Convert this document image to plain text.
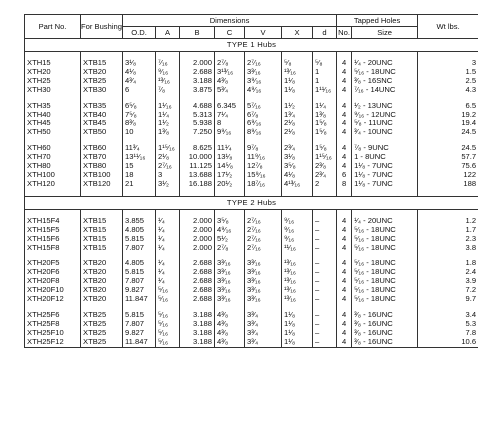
Part No.	For Bushing	Dimensions							Tapped Holes		Wt lbs.
		O.D.	A	B	C	V	X	d	No.	Size	
TYPE 1 Hubs											

XTH15	XTB15	3¹⁄₈	⁷⁄₁₆	2.000	2⁷⁄₈	2⁷⁄₁₆	⁵⁄₈	⁵⁄₈	4	¹⁄₄ - 20UNC	3
XTH20	XTB20	4¹⁄₈	⁹⁄₁₆	2.688	3¹³⁄₁₆	3³⁄₁₆	¹³⁄₁₆	1	4	⁵⁄₁₆ - 18UNC	1.5
XTH25	XTB25	4³⁄₄	¹³⁄₁₆	3.188	4³⁄₈	3⁹⁄₁₆	1¹⁄₈	1	4	³⁄₈ - 16SNC	2.5
XTH30	XTB30	6	⁷⁄₈	3.875	5³⁄₄	4⁹⁄₁₆	1¹⁄₈	1¹¹⁄₁₆	4	⁷⁄₁₆ - 14UNC	4.3

XTH35	XTB35	6⁵⁄₈	1¹⁄₁₆	4.688	6.345	5⁷⁄₁₆	1¹⁄₂	1¹⁄₄	4	¹⁄₂ - 13UNC	6.5
XTH40	XTB40	7⁵⁄₈	1¹⁄₄	5.313	7¹⁄₄	6⁷⁄₈	1³⁄₄	1³⁄₈	4	⁹⁄₁₆ - 12UNC	19.2
XTH45	XTB45	8³⁄₈	1¹⁄₂	5.938	8	6⁹⁄₁₆	2¹⁄₈	1⁵⁄₈	4	⁵⁄₈ - 11UNC	19.4
XTH50	XTB50	10	1³⁄₈	7.250	9⁹⁄₁₆	8⁹⁄₁₆	2¹⁄₈	1⁵⁄₈	4	³⁄₄ - 10UNC	24.5

XTH60	XTB60	11³⁄₄	1¹⁵⁄₁₆	8.625	11¹⁄₄	9⁷⁄₈	2³⁄₄	1⁵⁄₈	4	⁷⁄₈ - 9UNC	24.5
XTH70	XTB70	13¹¹⁄₁₆	2¹⁄₈	10.000	13¹⁄₈	11⁹⁄₁₆	3¹⁄₈	1¹⁵⁄₁₆	4	1 - 8UNC	57.7
XTH80	XTB80	15	2⁷⁄₁₆	11.125	14⁵⁄₈	12⁷⁄₈	3⁵⁄₈	2³⁄₈	4	1¹⁄₈ - 7UNC	75.6
XTH100	XTB100	18	3	13.688	17¹⁄₂	15⁹⁄₁₆	4¹⁄₈	2³⁄₄	6	1¹⁄₈ - 7UNC	122
XTH120	XTB120	21	3¹⁄₂	16.188	20¹⁄₂	18⁷⁄₁₆	4¹³⁄₁₆	2	8	1¹⁄₈ - 7UNC	188

TYPE 2 Hubs											

XTH15F4	XTB15	3.855	¹⁄₄	2.000	3⁵⁄₈	2⁷⁄₁₆	⁹⁄₁₆	–	4	¹⁄₄ - 20UNC	1.2
XTH15F5	XTB15	4.805	¹⁄₄	2.000	4⁹⁄₁₆	2⁷⁄₁₆	⁹⁄₁₆	–	4	⁵⁄₁₆ - 18UNC	1.7
XTH15F6	XTB15	5.815	¹⁄₄	2.000	5¹⁄₂	2⁷⁄₁₆	⁹⁄₁₆	–	4	⁵⁄₁₆ - 18UNC	2.3
XTH15F8	XTB15	7.807	¹⁄₄	2.000	2⁷⁄₈	2⁷⁄₁₆	¹¹⁄₁₆	–	4	⁵⁄₁₆ - 18UNC	3.8

XTH20F5	XTB20	4.805	¹⁄₄	2.688	3³⁄₁₆	3³⁄₁₆	¹³⁄₁₆	–	4	⁵⁄₁₆ - 18UNC	1.8
XTH20F6	XTB20	5.815	¹⁄₄	2.688	3³⁄₁₆	3³⁄₁₆	¹³⁄₁₆	–	4	⁵⁄₁₆ - 18UNC	2.4
XTH20F8	XTB20	7.807	¹⁄₄	2.688	3³⁄₁₆	3³⁄₁₆	¹³⁄₁₆	–	4	⁵⁄₁₆ - 18UNC	3.9
XTH20F10	XTB20	9.827	⁵⁄₁₆	2.688	3³⁄₁₆	3³⁄₁₆	¹³⁄₁₆	–	4	⁵⁄₁₆ - 18UNC	7.2
XTH20F12	XTB20	11.847	⁵⁄₁₆	2.688	3³⁄₁₆	3³⁄₁₆	¹³⁄₁₆	–	4	⁵⁄₁₆ - 18UNC	9.7

XTH25F6	XTB25	5.815	⁵⁄₁₆	3.188	4³⁄₈	3³⁄₄	1¹⁄₈	–	4	³⁄₈ - 16UNC	3.4
XTH25F8	XTB25	7.807	⁵⁄₁₆	3.188	4³⁄₈	3³⁄₄	1¹⁄₈	–	4	³⁄₈ - 16UNC	5.3
XTH25F10	XTB25	9.827	⁵⁄₁₆	3.188	4³⁄₈	3³⁄₄	1¹⁄₈	–	4	³⁄₈ - 16UNC	7.8
XTH25F12	XTB25	11.847	⁵⁄₁₆	3.188	4³⁄₈	3³⁄₄	1¹⁄₈	–	4	³⁄₈ - 16UNC	10.6
